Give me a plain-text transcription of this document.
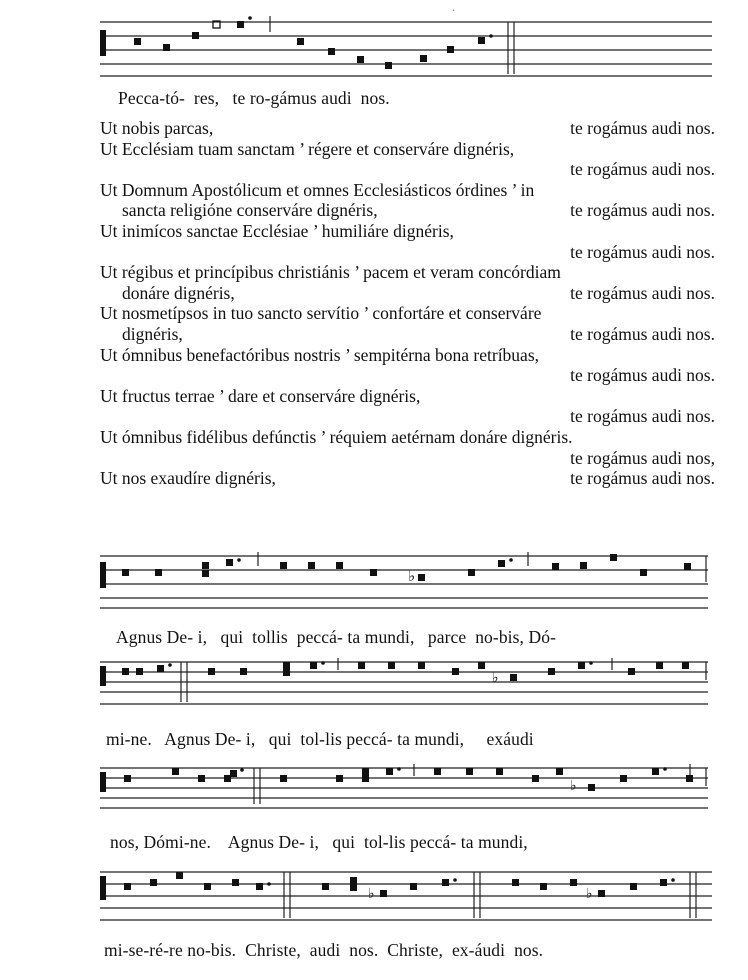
Pecca-tó-  res,   te ro-gámus audi  nos.
.
Ut nobis parcas,	te rogámus audi nos.
Ut Ecclésiam tuam sanctam ’ régere et conserváre dignéris,
te rogámus audi nos.
Ut Domnum Apostólicum et omnes Ecclesiásticos órdines ’ in
sancta religióne conserváre dignéris,	te rogámus audi nos.
Ut inimícos sanctae Ecclésiae ’ humiliáre dignéris,
te rogámus audi nos.
Ut régibus et princípibus christiánis ’ pacem et veram concórdiam
donáre dignéris,	te rogámus audi nos.
Ut nosmetípsos in tuo sancto servítio ’ confortáre et conserváre
dignéris,	te rogámus audi nos.
Ut ómnibus benefactóribus nostris ’ sempitérna bona retríbuas,
te rogámus audi nos.
Ut fructus terrae ’ dare et conserváre dignéris,
te rogámus audi nos.
Ut ómnibus fidélibus defúnctis ’ réquiem aetérnam donáre dignéris.
te rogámus audi nos,
Ut nos exaudíre dignéris,	te rogámus audi nos.
♭
Agnus De- i,   qui  tollis  peccá- ta mundi,   parce  no-bis, Dó-
♭
mi-ne.   Agnus De- i,   qui  tol-lis peccá- ta mundi,     exáudi
♭
nos, Dómi-ne.    Agnus De- i,   qui  tol-lis peccá- ta mundi,
♭	♭
mi-se-ré-re no-bis.  Christe,  audi  nos.  Christe,  ex-áudi  nos.
